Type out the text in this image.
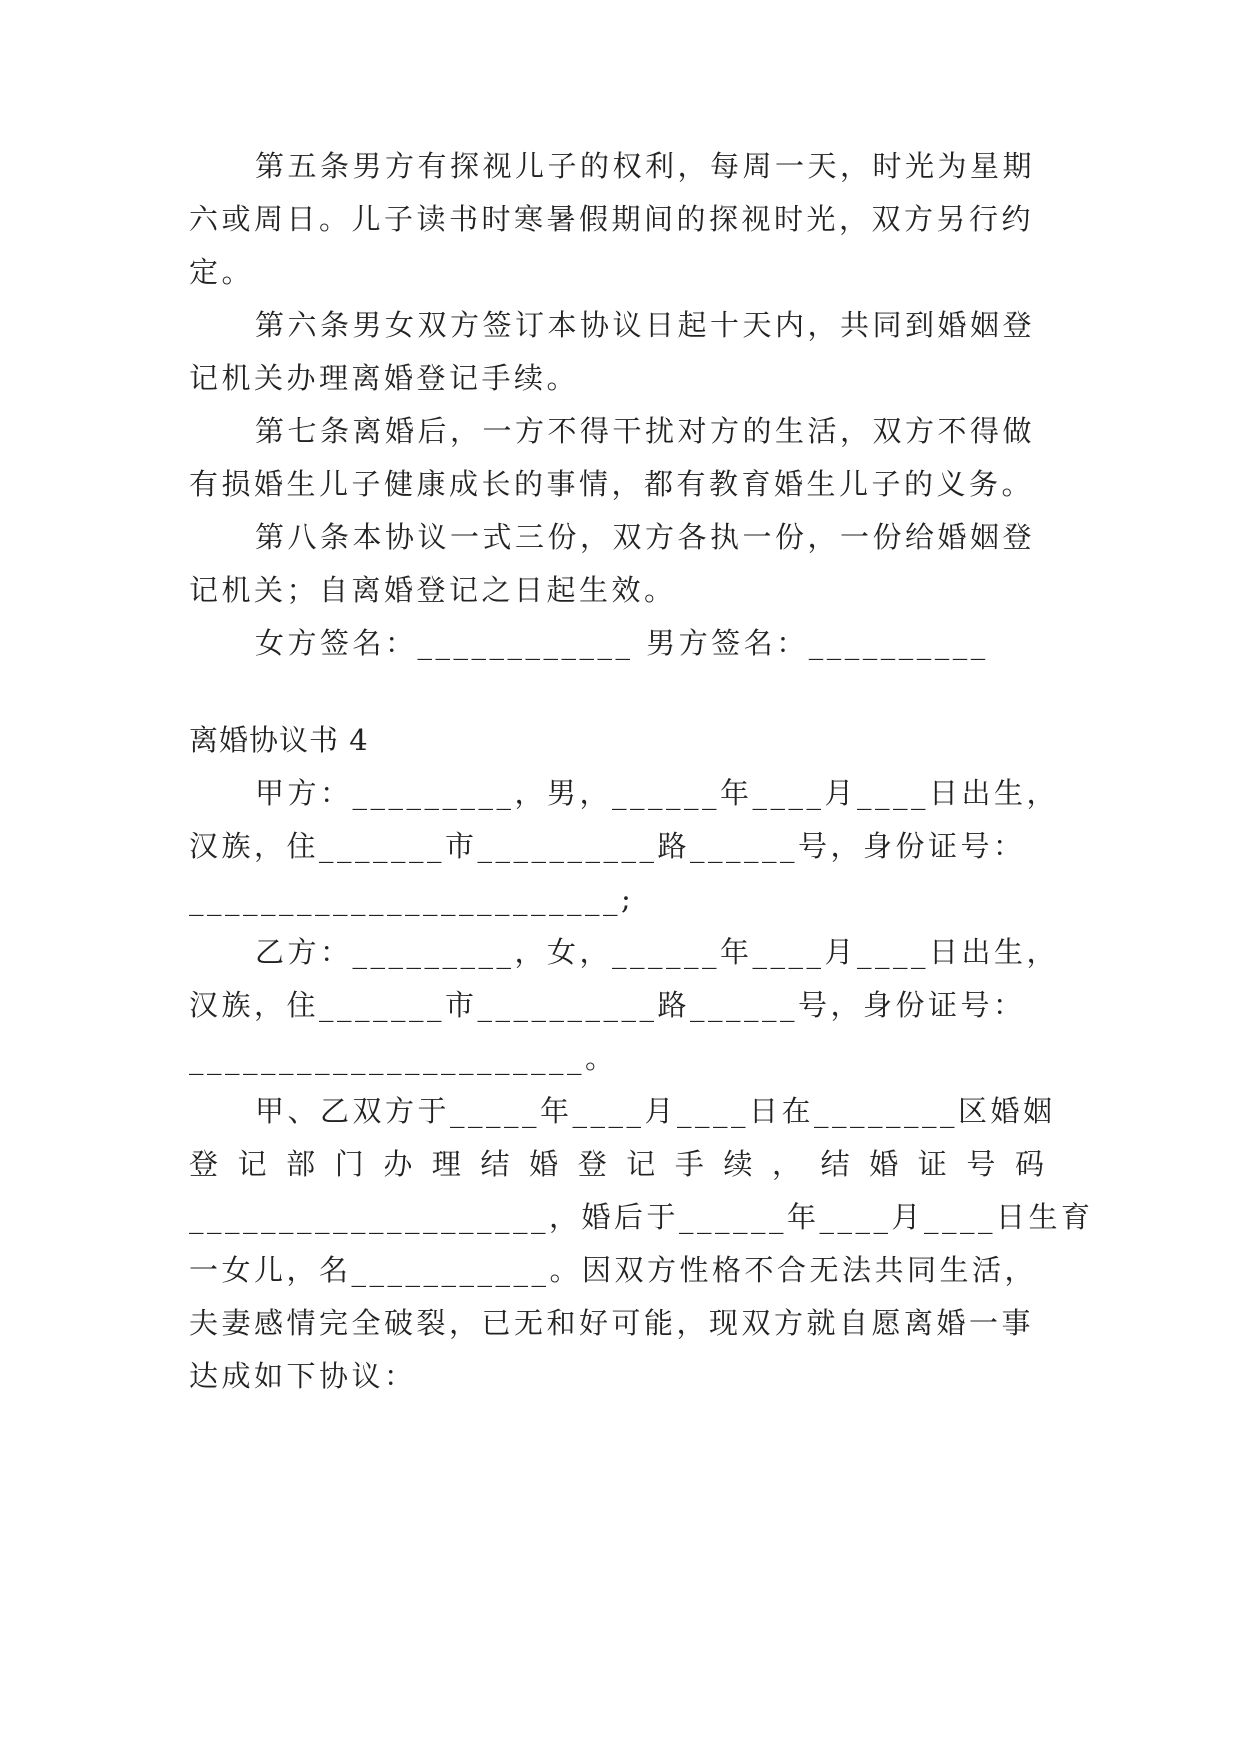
第五条男方有探视儿子的权利，每周一天，时光为星期
六或周日。儿子读书时寒暑假期间的探视时光，双方另行约
定。
第六条男女双方签订本协议日起十天内，共同到婚姻登
记机关办理离婚登记手续。
第七条离婚后，一方不得干扰对方的生活，双方不得做
有损婚生儿子健康成长的事情，都有教育婚生儿子的义务。
第八条本协议一式三份，双方各执一份，一份给婚姻登
记机关；自离婚登记之日起生效。
女方签名：____________ 男方签名：__________
离婚协议书 4
甲方：_________，男，______年____月____日出生，
汉族，住_______市__________路______号，身份证号：
________________________;
乙方：_________，女，______年____月____日出生，
汉族，住_______市__________路______号，身份证号：
______________________。
甲、乙双方于_____年____月____日在________区婚姻
登记部门办理结婚登记手续，结婚证号码
____________________，婚后于______年____月____日生育
一女儿，名___________。因双方性格不合无法共同生活，
夫妻感情完全破裂，已无和好可能，现双方就自愿离婚一事
达成如下协议：
